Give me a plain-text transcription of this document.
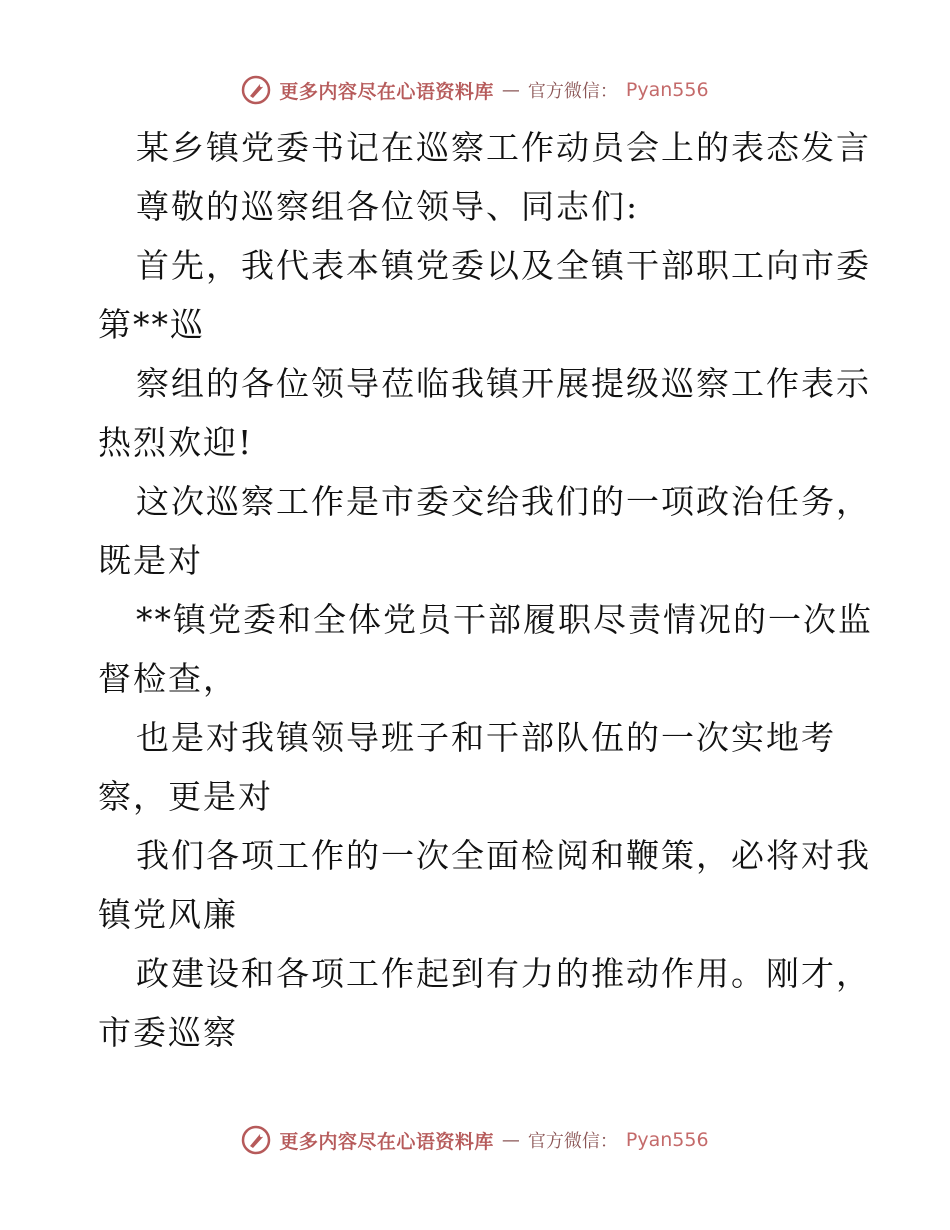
更多内容尽在心语资料库 — 官方微信： Pyan556
某乡镇党委书记在巡察工作动员会上的表态发言
尊敬的巡察组各位领导、同志们:
首先，我代表本镇党委以及全镇干部职工向市委
第**巡
察组的各位领导莅临我镇开展提级巡察工作表示
热烈欢迎!
这次巡察工作是市委交给我们的一项政治任务，
既是对
**镇党委和全体党员干部履职尽责情况的一次监
督检查，
也是对我镇领导班子和干部队伍的一次实地考
察，更是对
我们各项工作的一次全面检阅和鞭策，必将对我
镇党风廉
政建设和各项工作起到有力的推动作用。刚才，
市委巡察
更多内容尽在心语资料库 — 官方微信： Pyan556
